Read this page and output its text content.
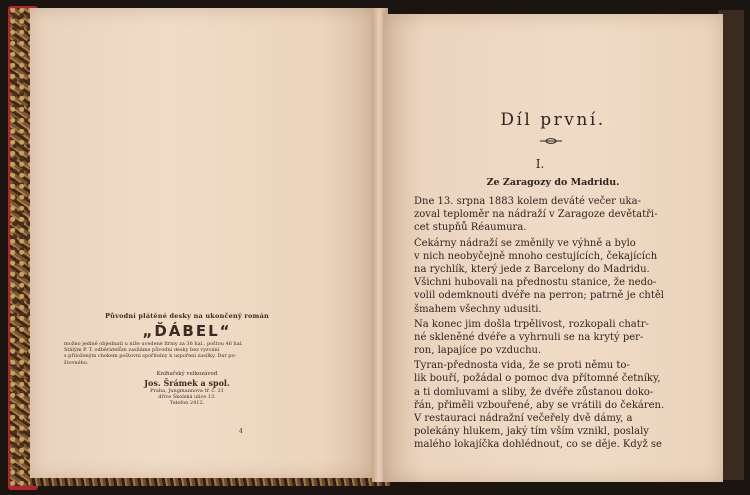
Původní plátěné desky na ukončený román
„ĎÁBEL“
možno jedině objednati u níže uvedené firmy za 36 hal., poštou 46 hal.
Stálým P. T. odběratelům zasíláme původní desky bez vyzvání
s přiloženým chekem poštovní spořitelny k uspořeni zasilky. Dar po-
štovného.
Knihařský velkozávod
Jos. Šrámek a spol.
Praha, Jungmannova tř. č. 21
dříve Školská ulice 13.
Telefon 2412.
4
Díl první.
I.
Ze Zaragozy do Madridu.
Dne 13. srpna 1883 kolem deváté večer uka-
zoval teploměr na nádraží v Zaragoze devětatři-
cet stupňů Réaumura.
Čekárny nádraží se změnily ve výhně a bylo
v nich neobyčejně mnoho cestujících, čekajících
na rychlík, který jede z Barcelony do Madridu.
Všichni hubovali na přednostu stanice, že nedo-
volil odemknouti dvéře na perron; patrně je chtěl
šmahem všechny udusiti.
Na konec jim došla trpělivost, rozkopali chatr-
né skleněné dvéře a vyhrnuli se na krytý per-
ron, lapajíce po vzduchu.
Tyran-přednosta vida, že se proti němu to-
lik bouří, požádal o pomoc dva přítomné četníky,
a ti domluvami a sliby, že dvéře zůstanou doko-
řán, přiměli vzbouřené, aby se vrátili do čekáren.
V restauraci nádražní večeřely dvě dámy, a
polekány hlukem, jaký tím vším vznikl, poslaly
malého lokajíčka dohlédnout, co se děje. Když se
